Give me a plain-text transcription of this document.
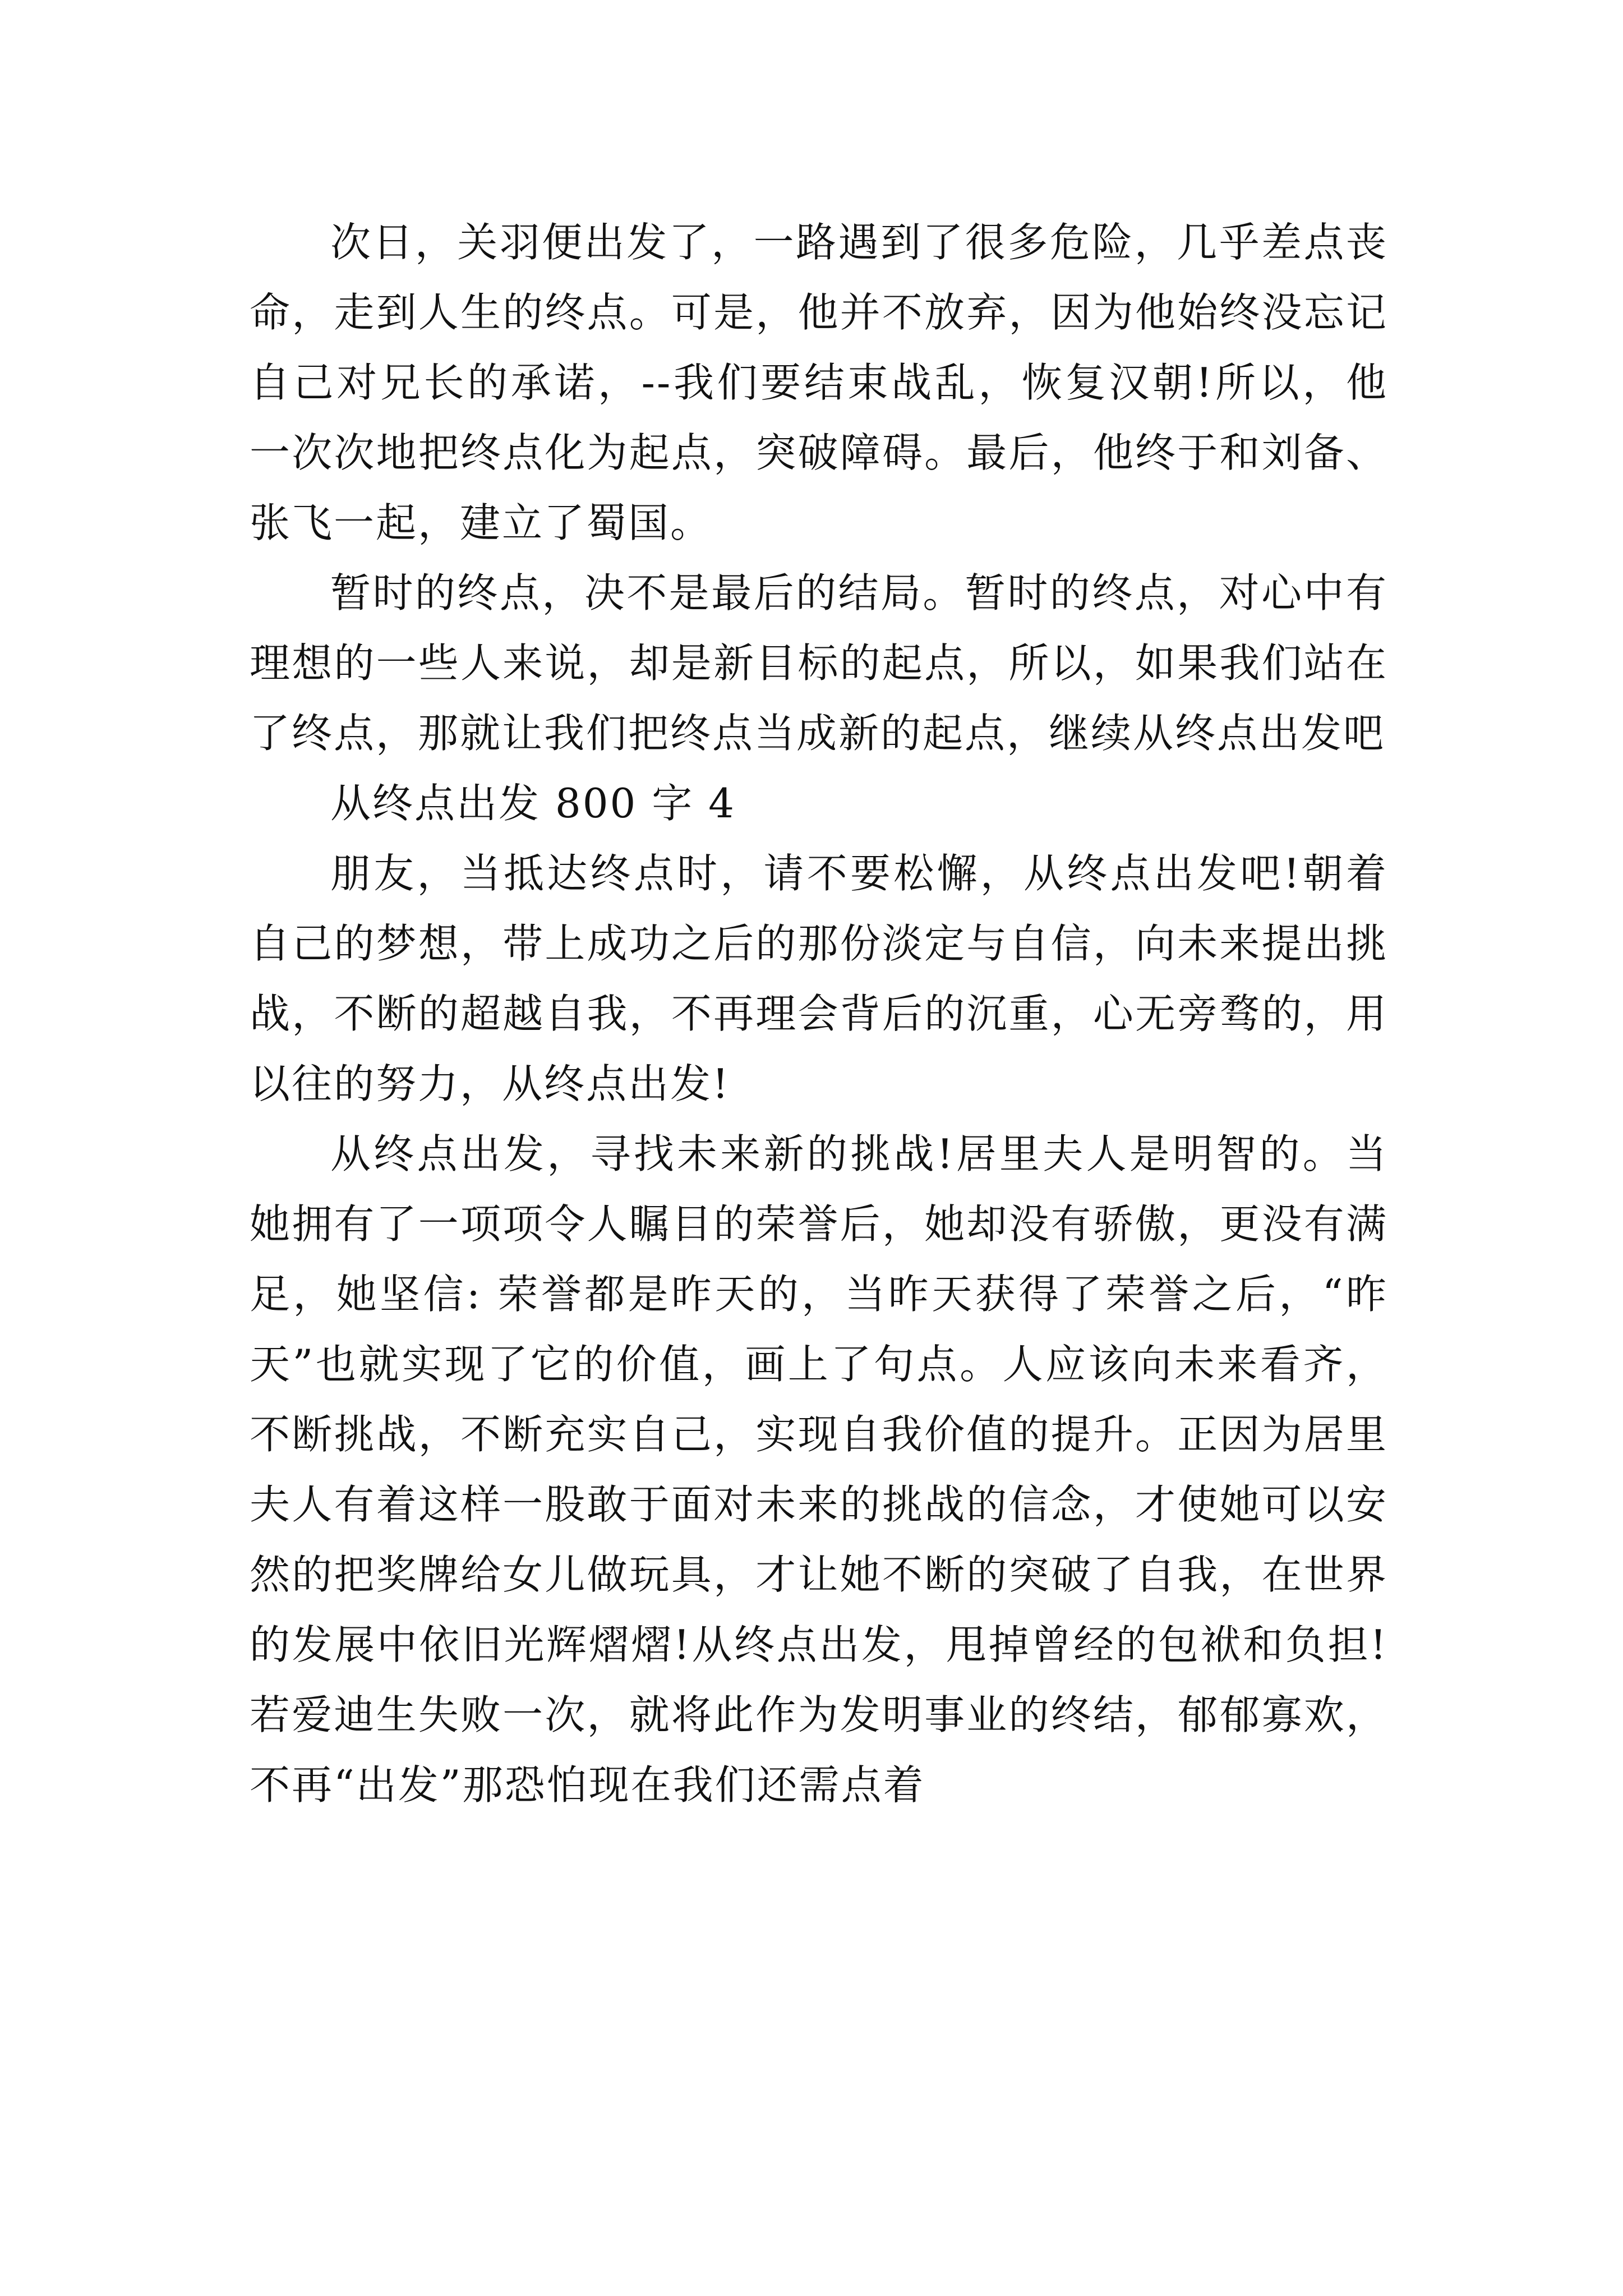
次日，关羽便出发了，一路遇到了很多危险，几乎差点丧命，走到人生的终点。可是，他并不放弃，因为他始终没忘记自己对兄长的承诺，--我们要结束战乱，恢复汉朝!所以，他一次次地把终点化为起点，突破障碍。最后，他终于和刘备、张飞一起，建立了蜀国。

暂时的终点，决不是最后的结局。暂时的终点，对心中有理想的一些人来说，却是新目标的起点，所以，如果我们站在了终点，那就让我们把终点当成新的起点，继续从终点出发吧

从终点出发 800 字 4

朋友，当抵达终点时，请不要松懈，从终点出发吧!朝着自己的梦想，带上成功之后的那份淡定与自信，向未来提出挑战，不断的超越自我，不再理会背后的沉重，心无旁骛的，用以往的努力，从终点出发!

从终点出发，寻找未来新的挑战!居里夫人是明智的。当她拥有了一项项令人瞩目的荣誉后，她却没有骄傲，更没有满足，她坚信: 荣誉都是昨天的，当昨天获得了荣誉之后，“昨天”也就实现了它的价值，画上了句点。人应该向未来看齐，不断挑战，不断充实自己，实现自我价值的提升。正因为居里夫人有着这样一股敢于面对未来的挑战的信念，才使她可以安然的把奖牌给女儿做玩具，才让她不断的突破了自我，在世界的发展中依旧光辉熠熠!从终点出发，甩掉曾经的包袱和负担!若爱迪生失败一次，就将此作为发明事业的终结，郁郁寡欢，不再“出发”那恐怕现在我们还需点着
